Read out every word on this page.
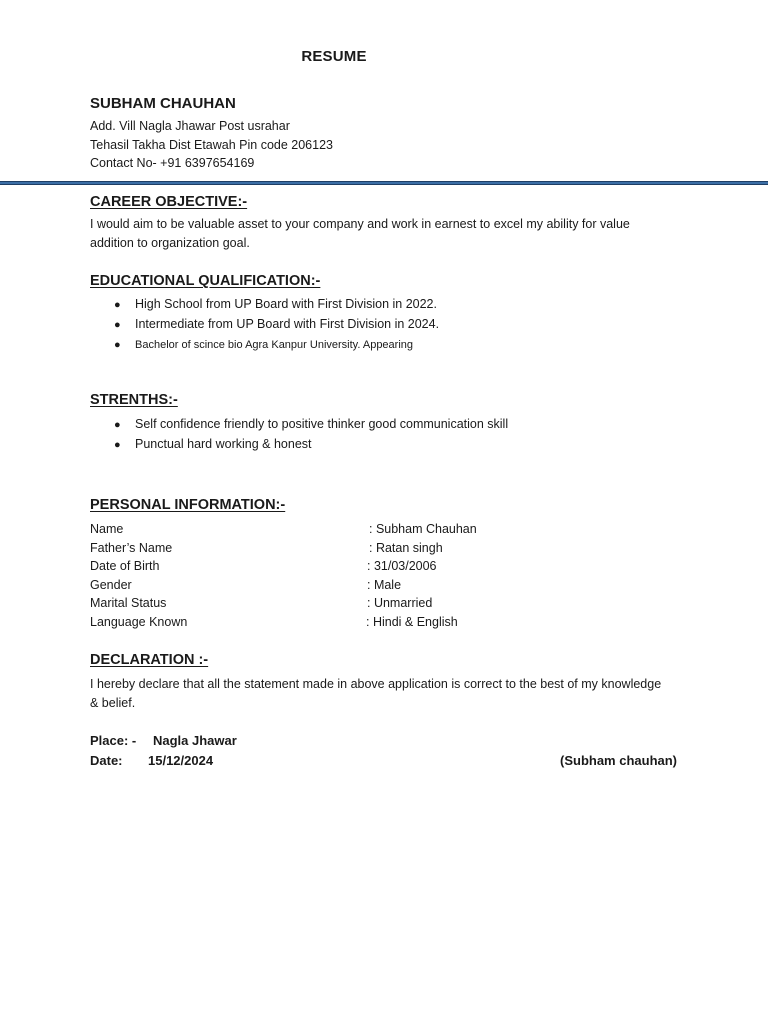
RESUME
SUBHAM CHAUHAN
Add. Vill Nagla Jhawar Post usrahar
Tehasil Takha Dist Etawah Pin code 206123
Contact No- +91 6397654169
CAREER OBJECTIVE:-
I would aim to be valuable asset to your company and work in earnest to excel my ability for value
addition to organization goal.
EDUCATIONAL QUALIFICATION:-
● High School from UP Board with First Division in 2022.
● Intermediate from UP Board with First Division in 2024.
● Bachelor of scince bio Agra Kanpur University. Appearing
STRENTHS:-
● Self confidence friendly to positive thinker good communication skill
● Punctual hard working & honest
PERSONAL INFORMATION:-
Name	: Subham Chauhan
Father’s Name	: Ratan singh
Date of Birth	: 31/03/2006
Gender	: Male
Marital Status	: Unmarried
Language Known	: Hindi & English
DECLARATION :-
I hereby declare that all the statement made in above application is correct to the best of my knowledge
& belief.
Place: - Nagla Jhawar
Date: 15/12/2024	(Subham chauhan)
